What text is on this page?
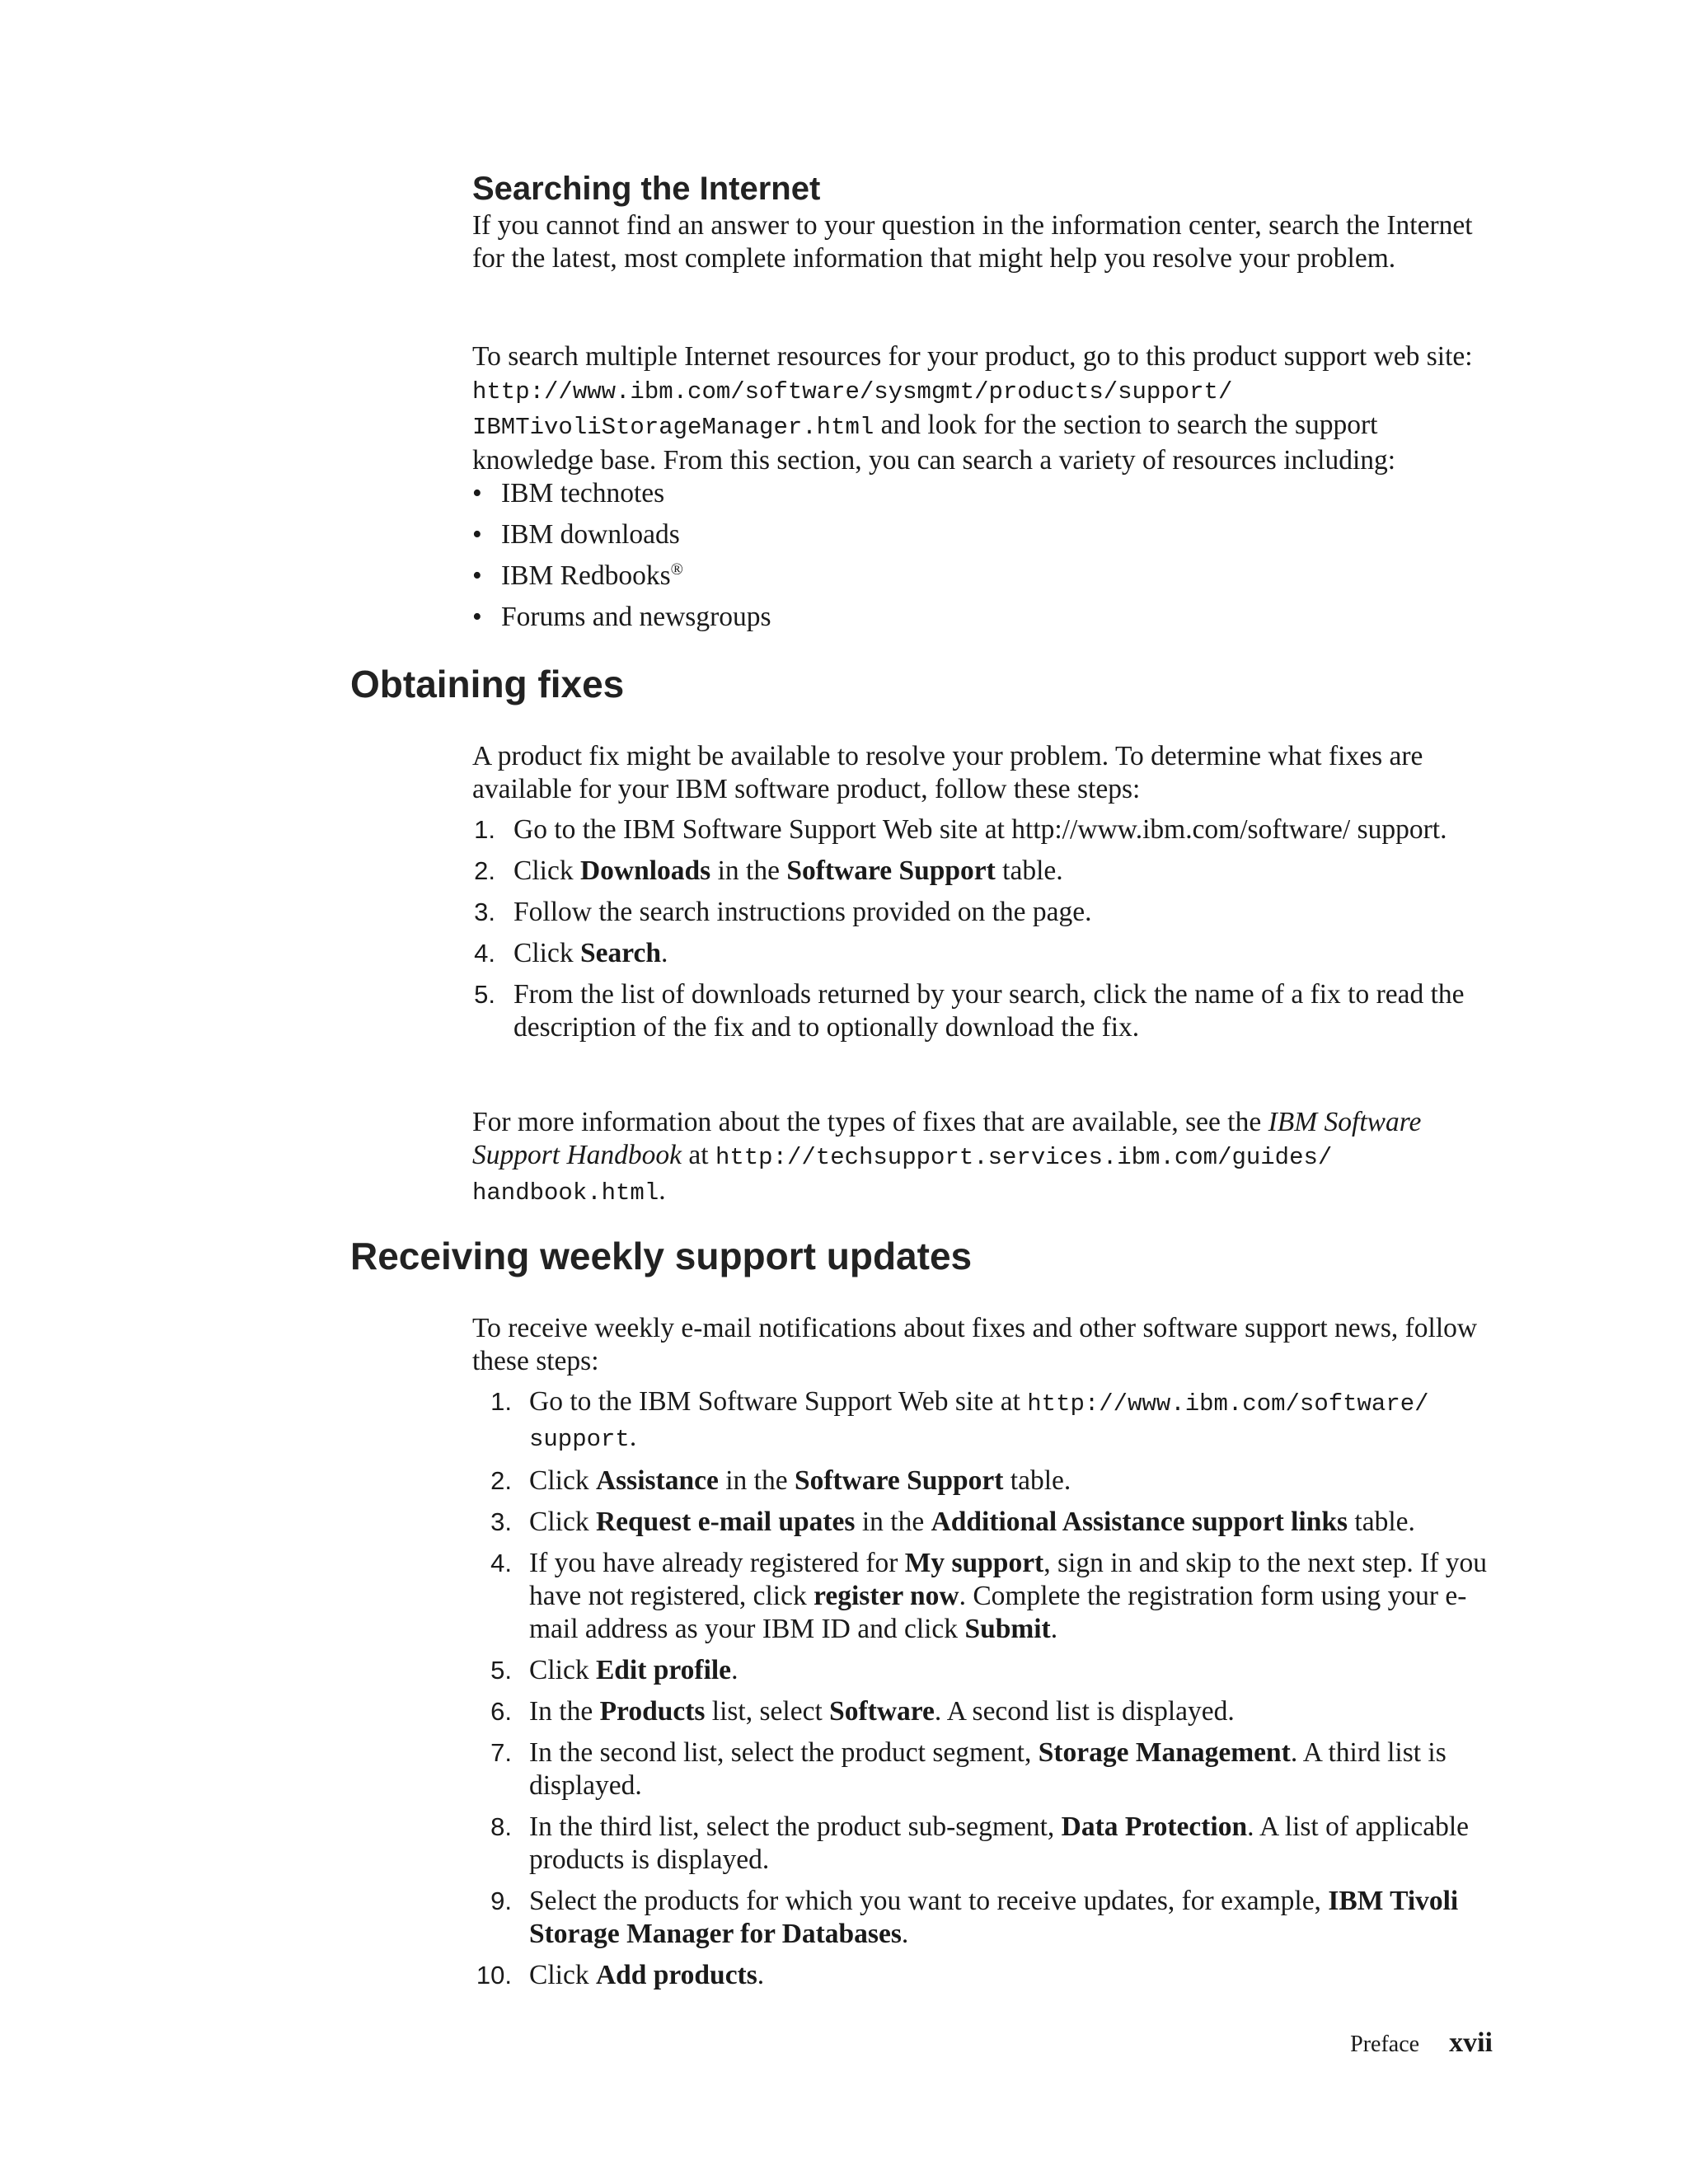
Searching the Internet

If you cannot find an answer to your question in the information center, search the Internet for the latest, most complete information that might help you resolve your problem.

To search multiple Internet resources for your product, go to this product support web site: http://www.ibm.com/software/sysmgmt/products/support/ IBMTivoliStorageManager.html and look for the section to search the support knowledge base. From this section, you can search a variety of resources including:

• IBM technotes
• IBM downloads
• IBM Redbooks®
• Forums and newsgroups
Obtaining fixes

A product fix might be available to resolve your problem. To determine what fixes are available for your IBM software product, follow these steps:

1. Go to the IBM Software Support Web site at http://www.ibm.com/software/ support.
2. Click Downloads in the Software Support table.
3. Follow the search instructions provided on the page.
4. Click Search.
5. From the list of downloads returned by your search, click the name of a fix to read the description of the fix and to optionally download the fix.

For more information about the types of fixes that are available, see the IBM Software Support Handbook at http://techsupport.services.ibm.com/guides/ handbook.html.

Receiving weekly support updates

To receive weekly e-mail notifications about fixes and other software support news, follow these steps:

1. Go to the IBM Software Support Web site at http://www.ibm.com/software/ support.
2. Click Assistance in the Software Support table.
3. Click Request e-mail upates in the Additional Assistance support links table.
4. If you have already registered for My support, sign in and skip to the next step. If you have not registered, click register now. Complete the registration form using your e-mail address as your IBM ID and click Submit.
5. Click Edit profile.
6. In the Products list, select Software. A second list is displayed.
7. In the second list, select the product segment, Storage Management. A third list is displayed.
8. In the third list, select the product sub-segment, Data Protection. A list of applicable products is displayed.
9. Select the products for which you want to receive updates, for example, IBM Tivoli Storage Manager for Databases.
10. Click Add products.
Preface xvii
